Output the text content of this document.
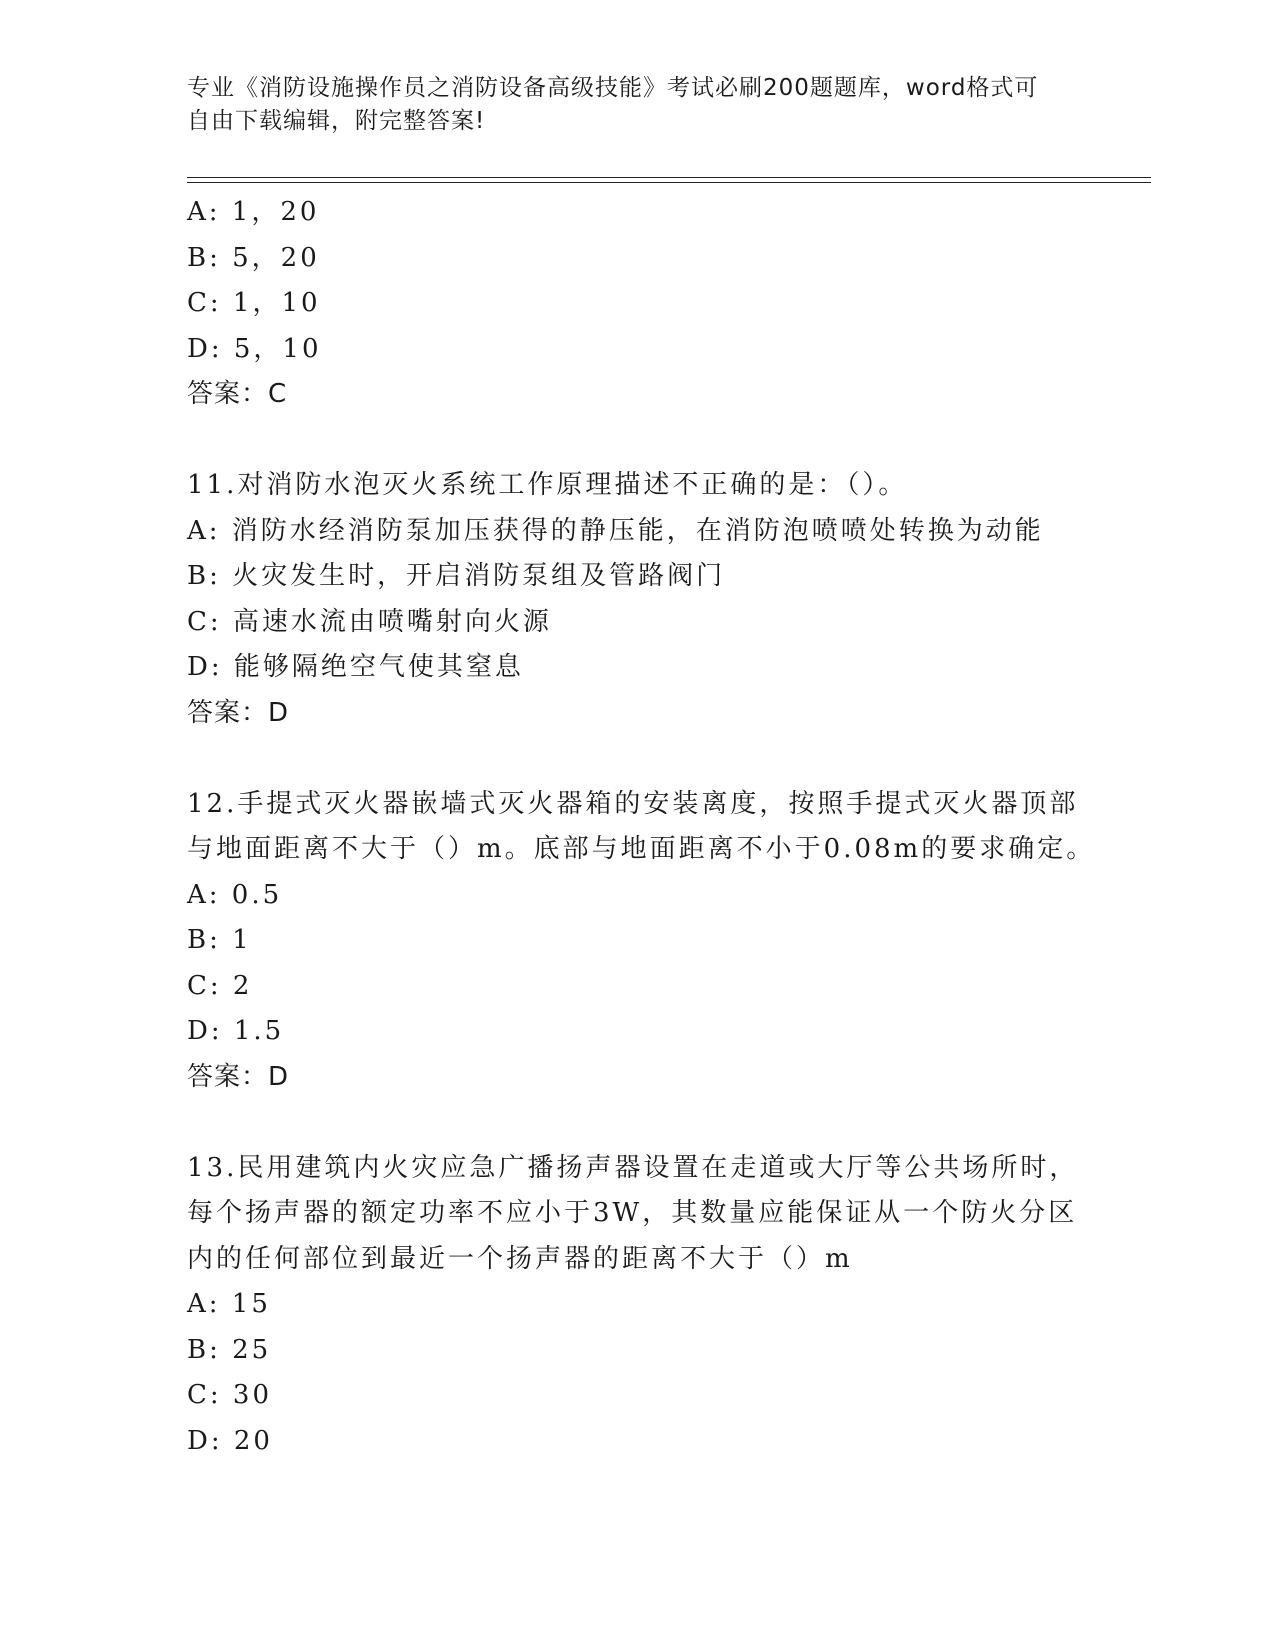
专业《消防设施操作员之消防设备高级技能》考试必刷200题题库，word格式可
自由下载编辑，附完整答案!
A: 1，20
B: 5，20
C: 1，10
D: 5，10
答案：C
11.对消防水泡灭火系统工作原理描述不正确的是：（）。
A: 消防水经消防泵加压获得的静压能，在消防泡喷喷处转换为动能
B: 火灾发生时，开启消防泵组及管路阀门
C: 高速水流由喷嘴射向火源
D: 能够隔绝空气使其窒息
答案：D
12.手提式灭火器嵌墙式灭火器箱的安装离度，按照手提式灭火器顶部
与地面距离不大于（）m。底部与地面距离不小于0.08m的要求确定。
A: 0.5
B: 1
C: 2
D: 1.5
答案：D
13.民用建筑内火灾应急广播扬声器设置在走道或大厅等公共场所时，
每个扬声器的额定功率不应小于3W，其数量应能保证从一个防火分区
内的任何部位到最近一个扬声器的距离不大于（）m
A: 15
B: 25
C: 30
D: 20
